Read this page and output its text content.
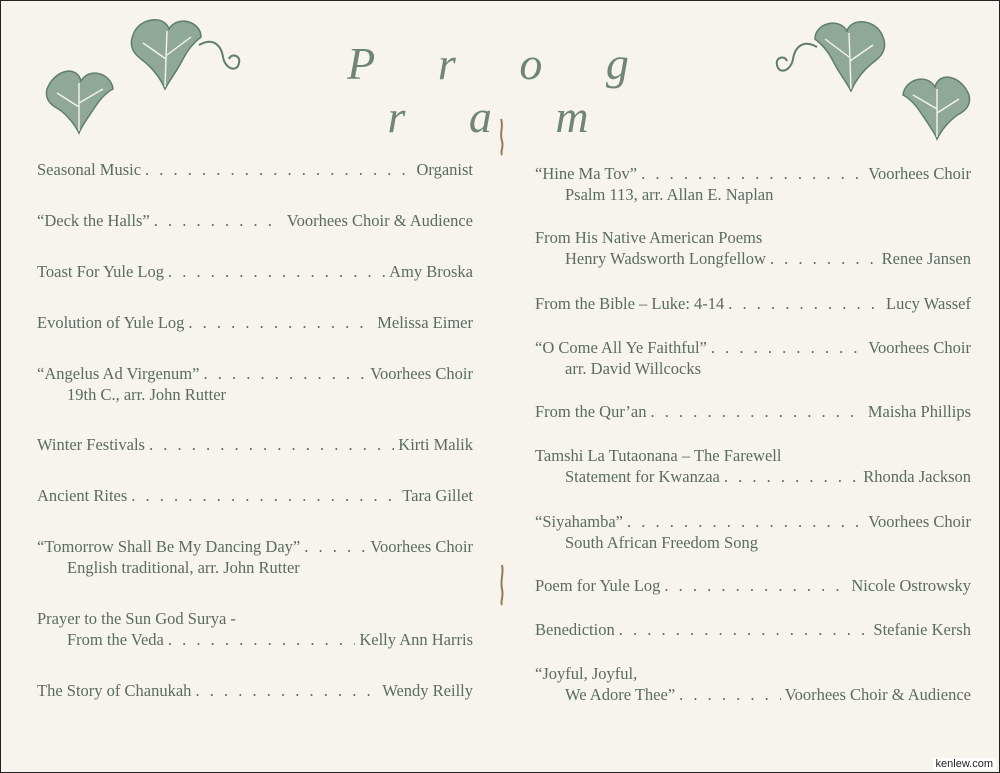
P r o g r a m
Seasonal Music . . .	Organist
“Deck the Halls” . . .	Voorhees Choir & Audience
Toast For Yule Log . . .	Amy Broska
Evolution of Yule Log . . .	Melissa Eimer
“Angelus Ad Virgenum” . . .	Voorhees Choir
19th C., arr. John Rutter
Winter Festivals . . .	Kirti Malik
Ancient Rites . . .	Tara Gillet
“Tomorrow Shall Be My Dancing Day” . . .	Voorhees Choir
English traditional, arr. John Rutter
Prayer to the Sun God Surya -
From the Veda . . .	Kelly Ann Harris
The Story of Chanukah . . .	Wendy Reilly
“Hine Ma Tov” . . .	Voorhees Choir
Psalm 113, arr. Allan E. Naplan
From His Native American Poems
Henry Wadsworth Longfellow . . .	Renee Jansen
From the Bible – Luke: 4-14 . . .	Lucy Wassef
“O Come All Ye Faithful” . . .	Voorhees Choir
arr. David Willcocks
From the Qur’an . . .	Maisha Phillips
Tamshi La Tutaonana – The Farewell
Statement for Kwanzaa . . .	Rhonda Jackson
“Siyahamba” . . .	Voorhees Choir
South African Freedom Song
Poem for Yule Log . . .	Nicole Ostrowsky
Benediction . . .	Stefanie Kersh
“Joyful, Joyful,
We Adore Thee” . . .	Voorhees Choir & Audience
kenlew.com
